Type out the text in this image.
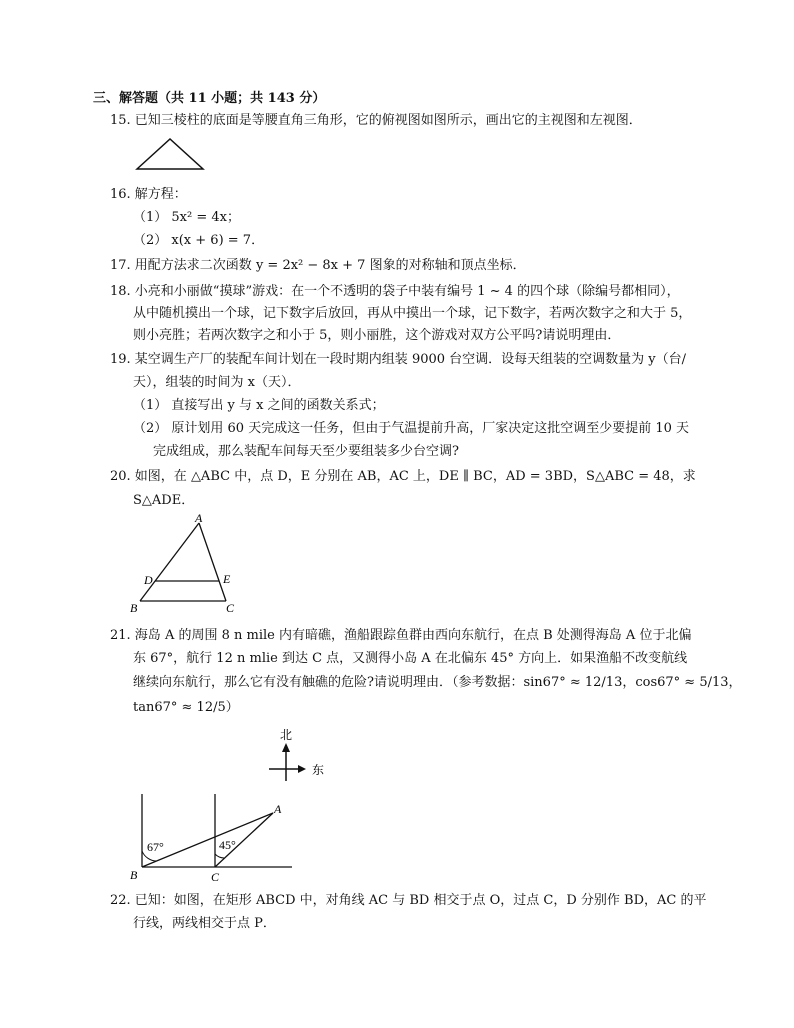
三、解答题（共 11 小题；共 143 分）
15. 已知三棱柱的底面是等腰直角三角形，它的俯视图如图所示，画出它的主视图和左视图．
16. 解方程：
（1） 5x² = 4x；
（2） x(x + 6) = 7．
17. 用配方法求二次函数 y = 2x² − 8x + 7 图象的对称轴和顶点坐标．
18. 小亮和小丽做“摸球”游戏：在一个不透明的袋子中装有编号 1 ~ 4 的四个球（除编号都相同），
从中随机摸出一个球，记下数字后放回，再从中摸出一个球，记下数字，若两次数字之和大于 5，
则小亮胜；若两次数字之和小于 5，则小丽胜，这个游戏对双方公平吗?请说明理由．
19. 某空调生产厂的装配车间计划在一段时期内组装 9000 台空调．设每天组装的空调数量为 y（台/
天），组装的时间为 x（天）．
（1） 直接写出 y 与 x 之间的函数关系式；
（2） 原计划用 60 天完成这一任务，但由于气温提前升高，厂家决定这批空调至少要提前 10 天
完成组成，那么装配车间每天至少要组装多少台空调?
20. 如图，在 △ABC 中，点 D，E 分别在 AB，AC 上，DE ∥ BC，AD = 3BD，S△ABC = 48，求
S△ADE．
A
B	C
D	E
21. 海岛 A 的周围 8 n mile 内有暗礁，渔船跟踪鱼群由西向东航行，在点 B 处测得海岛 A 位于北偏
东 67°，航行 12 n mlie 到达 C 点，又测得小岛 A 在北偏东 45° 方向上．如果渔船不改变航线
继续向东航行，那么它有没有触礁的危险?请说明理由．（参考数据：sin67° ≈ 12/13，cos67° ≈ 5/13，
tan67° ≈ 12/5）
北
东
67°	45°
A
B	C
22. 已知：如图，在矩形 ABCD 中，对角线 AC 与 BD 相交于点 O，过点 C，D 分别作 BD，AC 的平
行线，两线相交于点 P．
